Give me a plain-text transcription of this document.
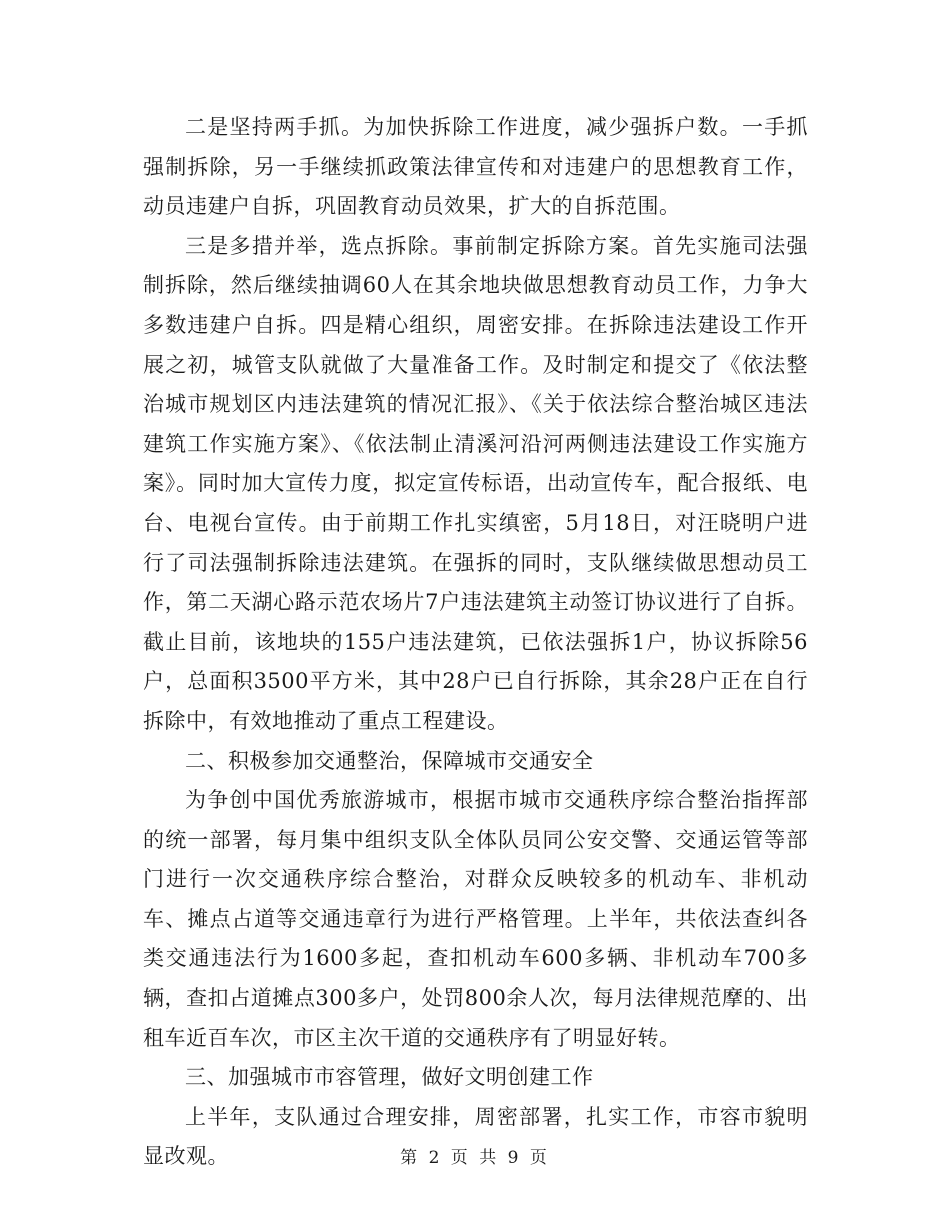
二是坚持两手抓。为加快拆除工作进度，减少强拆户数。一手抓强制拆除，另一手继续抓政策法律宣传和对违建户的思想教育工作，动员违建户自拆，巩固教育动员效果，扩大的自拆范围。

三是多措并举，选点拆除。事前制定拆除方案。首先实施司法强制拆除，然后继续抽调60人在其余地块做思想教育动员工作，力争大多数违建户自拆。四是精心组织，周密安排。在拆除违法建设工作开展之初，城管支队就做了大量准备工作。及时制定和提交了《依法整治城市规划区内违法建筑的情况汇报》、《关于依法综合整治城区违法建筑工作实施方案》、《依法制止清溪河沿河两侧违法建设工作实施方案》。同时加大宣传力度，拟定宣传标语，出动宣传车，配合报纸、电台、电视台宣传。由于前期工作扎实缜密，5月18日，对汪晓明户进行了司法强制拆除违法建筑。在强拆的同时，支队继续做思想动员工作，第二天湖心路示范农场片7户违法建筑主动签订协议进行了自拆。截止目前，该地块的155户违法建筑，已依法强拆1户，协议拆除56户，总面积3500平方米，其中28户已自行拆除，其余28户正在自行拆除中，有效地推动了重点工程建设。

二、积极参加交通整治，保障城市交通安全

为争创中国优秀旅游城市，根据市城市交通秩序综合整治指挥部的统一部署，每月集中组织支队全体队员同公安交警、交通运管等部门进行一次交通秩序综合整治，对群众反映较多的机动车、非机动车、摊点占道等交通违章行为进行严格管理。上半年，共依法查纠各类交通违法行为1600多起，查扣机动车600多辆、非机动车700多辆，查扣占道摊点300多户，处罚800余人次，每月法律规范摩的、出租车近百车次，市区主次干道的交通秩序有了明显好转。

三、加强城市市容管理，做好文明创建工作

上半年，支队通过合理安排，周密部署，扎实工作，市容市貌明显改观。	第 2 页 共 9 页
